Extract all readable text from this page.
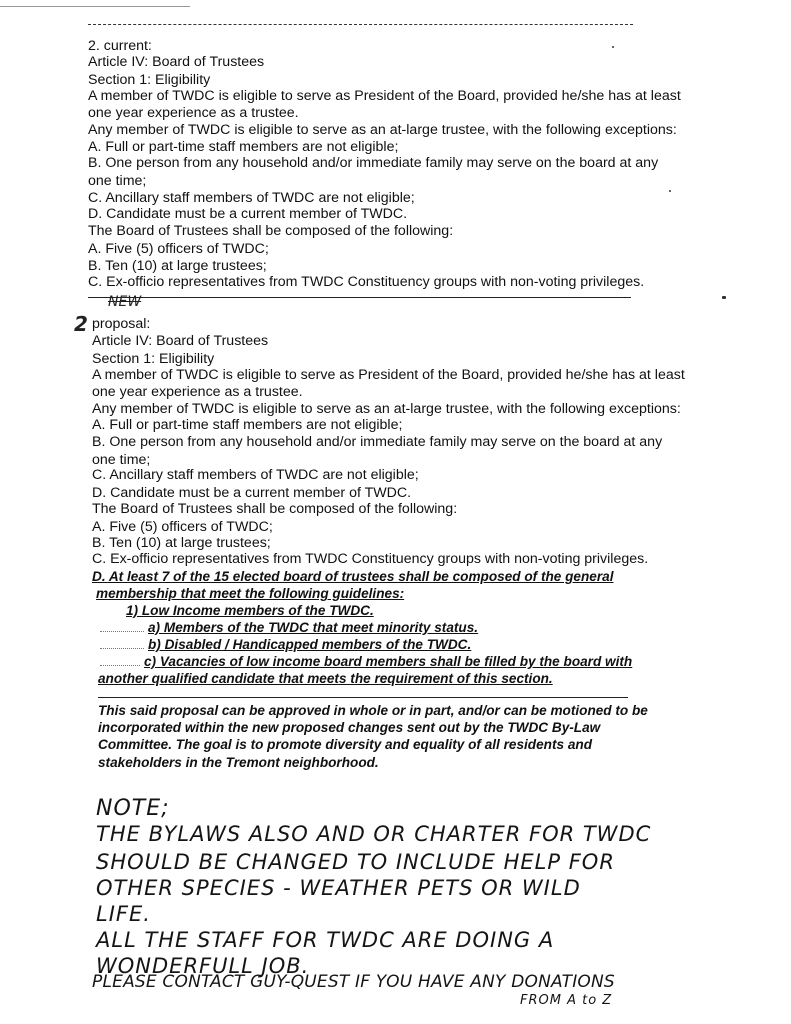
2. current:
Article IV: Board of Trustees
Section 1: Eligibility
A member of TWDC is eligible to serve as President of the Board, provided he/she has at least
one year experience as a trustee.
Any member of TWDC is eligible to serve as an at-large trustee, with the following exceptions:
A. Full or part-time staff members are not eligible;
B. One person from any household and/or immediate family may serve on the board at any
one time;
C. Ancillary staff members of TWDC are not eligible;
D. Candidate must be a current member of TWDC.
The Board of Trustees shall be composed of the following:
A. Five (5) officers of TWDC;
B. Ten (10) at large trustees;
C. Ex-officio representatives from TWDC Constituency groups with non-voting privileges.
NEW
2 proposal:
Article IV: Board of Trustees
Section 1: Eligibility
A member of TWDC is eligible to serve as President of the Board, provided he/she has at least
one year experience as a trustee.
Any member of TWDC is eligible to serve as an at-large trustee, with the following exceptions:
A. Full or part-time staff members are not eligible;
B. One person from any household and/or immediate family may serve on the board at any
one time;
C. Ancillary staff members of TWDC are not eligible;
D. Candidate must be a current member of TWDC.
The Board of Trustees shall be composed of the following:
A. Five (5) officers of TWDC;
B. Ten (10) at large trustees;
C. Ex-officio representatives from TWDC Constituency groups with non-voting privileges.
D. At least 7 of the 15 elected board of trustees shall be composed of the general
membership that meet the following guidelines:
1) Low Income members of the TWDC.
a) Members of the TWDC that meet minority status.
b) Disabled / Handicapped members of the TWDC.
c) Vacancies of low income board members shall be filled by the board with
another qualified candidate that meets the requirement of this section.
This said proposal can be approved in whole or in part, and/or can be motioned to be
incorporated within the new proposed changes sent out by the TWDC By-Law
Committee. The goal is to promote diversity and equality of all residents and
stakeholders in the Tremont neighborhood.
NOTE;
THE BYLAWS ALSO AND OR CHARTER FOR TWDC
SHOULD BE CHANGED TO INCLUDE HELP FOR
OTHER SPECIES - WEATHER PETS OR WILD
LIFE.
ALL THE STAFF FOR TWDC ARE DOING A
WONDERFULL JOB.
PLEASE CONTACT GUY-QUEST IF YOU HAVE ANY DONATIONS
FROM A to Z
